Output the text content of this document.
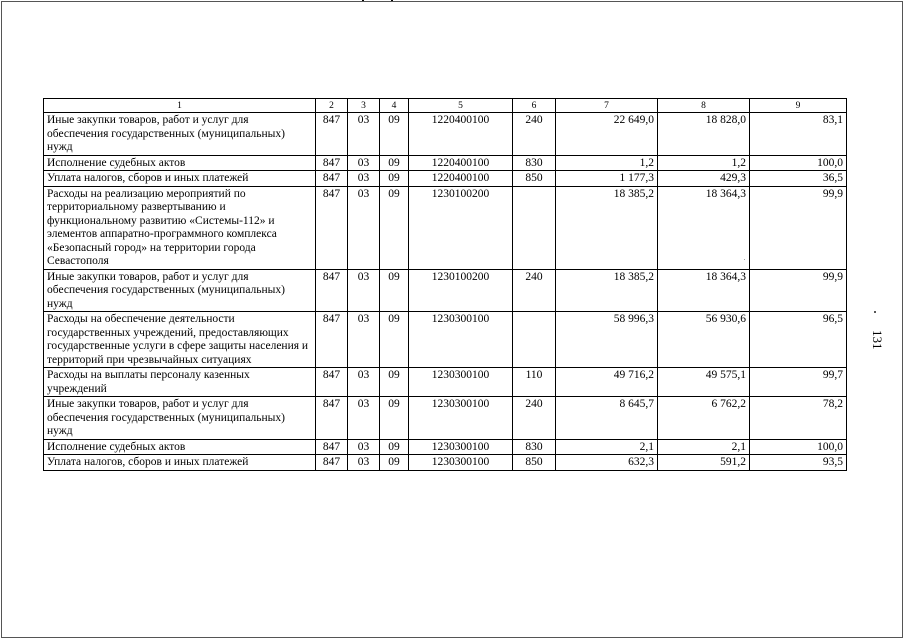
1	2	3	4	5	6	7	8	9
Иные закупки товаров, работ и услуг для обеспечения государственных (муниципальных) нужд	847	03	09	1220400100	240	22 649,0	18 828,0	83,1
Исполнение судебных актов	847	03	09	1220400100	830	1,2	1,2	100,0
Уплата налогов, сборов и иных платежей	847	03	09	1220400100	850	1 177,3	429,3	36,5
Расходы на реализацию мероприятий по территориальному развертыванию и функциональному развитию «Системы-112» и элементов аппаратно-программного комплекса «Безопасный город» на территории города Севастополя	847	03	09	1230100200		18 385,2	18 364,3	99,9
Иные закупки товаров, работ и услуг для обеспечения государственных (муниципальных) нужд	847	03	09	1230100200	240	18 385,2	18 364,3	99,9
Расходы на обеспечение деятельности государственных учреждений, предоставляющих государственные услуги в сфере защиты населения и территорий при чрезвычайных ситуациях	847	03	09	1230300100		58 996,3	56 930,6	96,5
Расходы на выплаты персоналу казенных учреждений	847	03	09	1230300100	110	49 716,2	49 575,1	99,7
Иные закупки товаров, работ и услуг для обеспечения государственных (муниципальных) нужд	847	03	09	1230300100	240	8 645,7	6 762,2	78,2
Исполнение судебных актов	847	03	09	1230300100	830	2,1	2,1	100,0
Уплата налогов, сборов и иных платежей	847	03	09	1230300100	850	632,3	591,2	93,5
131
